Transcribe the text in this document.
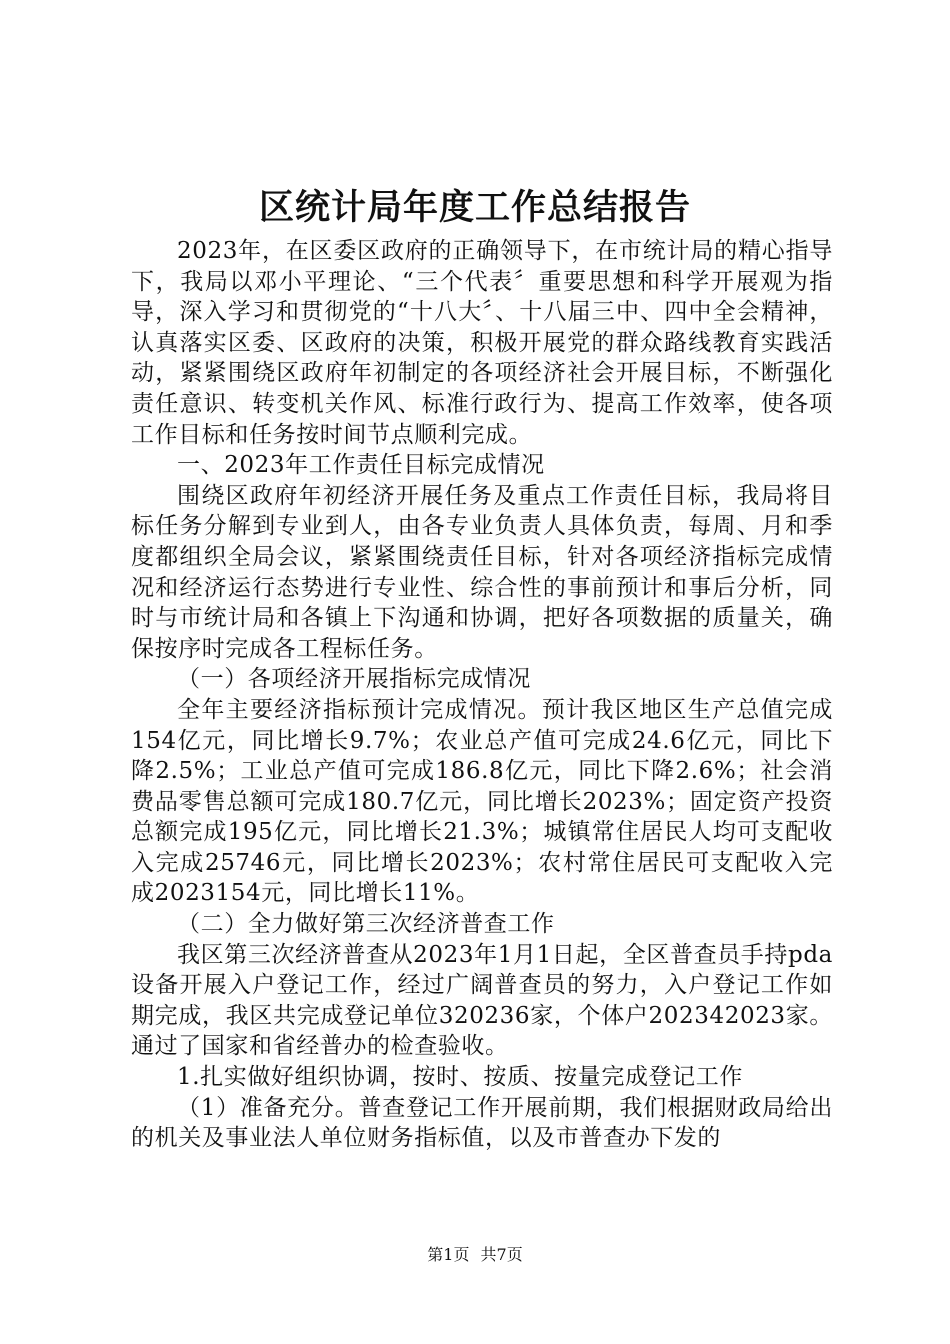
区统计局年度工作总结报告

2023年，在区委区政府的正确领导下，在市统计局的精心指导下，我局以邓小平理论、“三个代表〞重要思想和科学开展观为指导，深入学习和贯彻党的“十八大〞、十八届三中、四中全会精神，认真落实区委、区政府的决策，积极开展党的群众路线教育实践活动，紧紧围绕区政府年初制定的各项经济社会开展目标，不断强化责任意识、转变机关作风、标准行政行为、提高工作效率，使各项工作目标和任务按时间节点顺利完成。

一、2023年工作责任目标完成情况

围绕区政府年初经济开展任务及重点工作责任目标，我局将目标任务分解到专业到人，由各专业负责人具体负责，每周、月和季度都组织全局会议，紧紧围绕责任目标，针对各项经济指标完成情况和经济运行态势进行专业性、综合性的事前预计和事后分析，同时与市统计局和各镇上下沟通和协调，把好各项数据的质量关，确保按序时完成各工程标任务。

（一）各项经济开展指标完成情况

全年主要经济指标预计完成情况。预计我区地区生产总值完成154亿元，同比增长9.7%；农业总产值可完成24.6亿元，同比下降2.5%；工业总产值可完成186.8亿元，同比下降2.6%；社会消费品零售总额可完成180.7亿元，同比增长2023%；固定资产投资总额完成195亿元，同比增长21.3%；城镇常住居民人均可支配收入完成25746元，同比增长2023%；农村常住居民可支配收入完成2023154元，同比增长11%。

（二）全力做好第三次经济普查工作

我区第三次经济普查从2023年1月1日起，全区普查员手持pda设备开展入户登记工作，经过广阔普查员的努力，入户登记工作如期完成，我区共完成登记单位320236家，个体户202342023家。通过了国家和省经普办的检查验收。

1.扎实做好组织协调，按时、按质、按量完成登记工作

（1）准备充分。普查登记工作开展前期，我们根据财政局给出的机关及事业法人单位财务指标值，以及市普查办下发的

第1页 共7页
